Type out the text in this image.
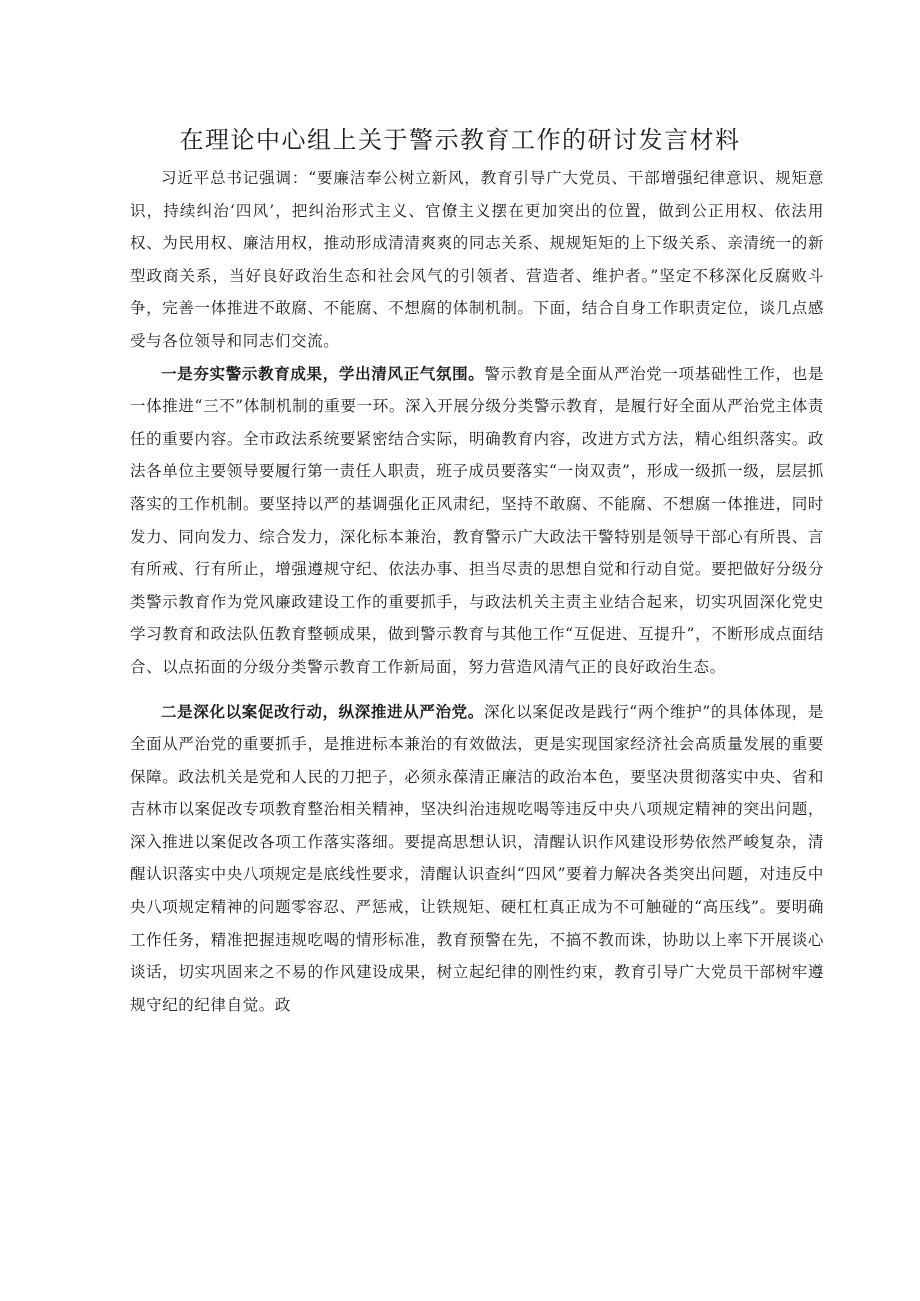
在理论中心组上关于警示教育工作的研讨发言材料

习近平总书记强调：“要廉洁奉公树立新风，教育引导广大党员、干部增强纪律意识、规矩意识，持续纠治‘四风’，把纠治形式主义、官僚主义摆在更加突出的位置，做到公正用权、依法用权、为民用权、廉洁用权，推动形成清清爽爽的同志关系、规规矩矩的上下级关系、亲清统一的新型政商关系，当好良好政治生态和社会风气的引领者、营造者、维护者。”坚定不移深化反腐败斗争，完善一体推进不敢腐、不能腐、不想腐的体制机制。下面，结合自身工作职责定位，谈几点感受与各位领导和同志们交流。

一是夯实警示教育成果，学出清风正气氛围。警示教育是全面从严治党一项基础性工作，也是一体推进“三不”体制机制的重要一环。深入开展分级分类警示教育，是履行好全面从严治党主体责任的重要内容。全市政法系统要紧密结合实际，明确教育内容，改进方式方法，精心组织落实。政法各单位主要领导要履行第一责任人职责，班子成员要落实“一岗双责”，形成一级抓一级，层层抓落实的工作机制。要坚持以严的基调强化正风肃纪，坚持不敢腐、不能腐、不想腐一体推进，同时发力、同向发力、综合发力，深化标本兼治，教育警示广大政法干警特别是领导干部心有所畏、言有所戒、行有所止，增强遵规守纪、依法办事、担当尽责的思想自觉和行动自觉。要把做好分级分类警示教育作为党风廉政建设工作的重要抓手，与政法机关主责主业结合起来，切实巩固深化党史学习教育和政法队伍教育整顿成果，做到警示教育与其他工作“互促进、互提升”，不断形成点面结合、以点拓面的分级分类警示教育工作新局面，努力营造风清气正的良好政治生态。

二是深化以案促改行动，纵深推进从严治党。深化以案促改是践行“两个维护”的具体体现，是全面从严治党的重要抓手，是推进标本兼治的有效做法，更是实现国家经济社会高质量发展的重要保障。政法机关是党和人民的刀把子，必须永葆清正廉洁的政治本色，要坚决贯彻落实中央、省和吉林市以案促改专项教育整治相关精神，坚决纠治违规吃喝等违反中央八项规定精神的突出问题，深入推进以案促改各项工作落实落细。要提高思想认识，清醒认识作风建设形势依然严峻复杂，清醒认识落实中央八项规定是底线性要求，清醒认识查纠“四风”要着力解决各类突出问题，对违反中央八项规定精神的问题零容忍、严惩戒，让铁规矩、硬杠杠真正成为不可触碰的“高压线”。要明确工作任务，精准把握违规吃喝的情形标准，教育预警在先，不搞不教而诛，协助以上率下开展谈心谈话，切实巩固来之不易的作风建设成果，树立起纪律的刚性约束，教育引导广大党员干部树牢遵规守纪的纪律自觉。政
